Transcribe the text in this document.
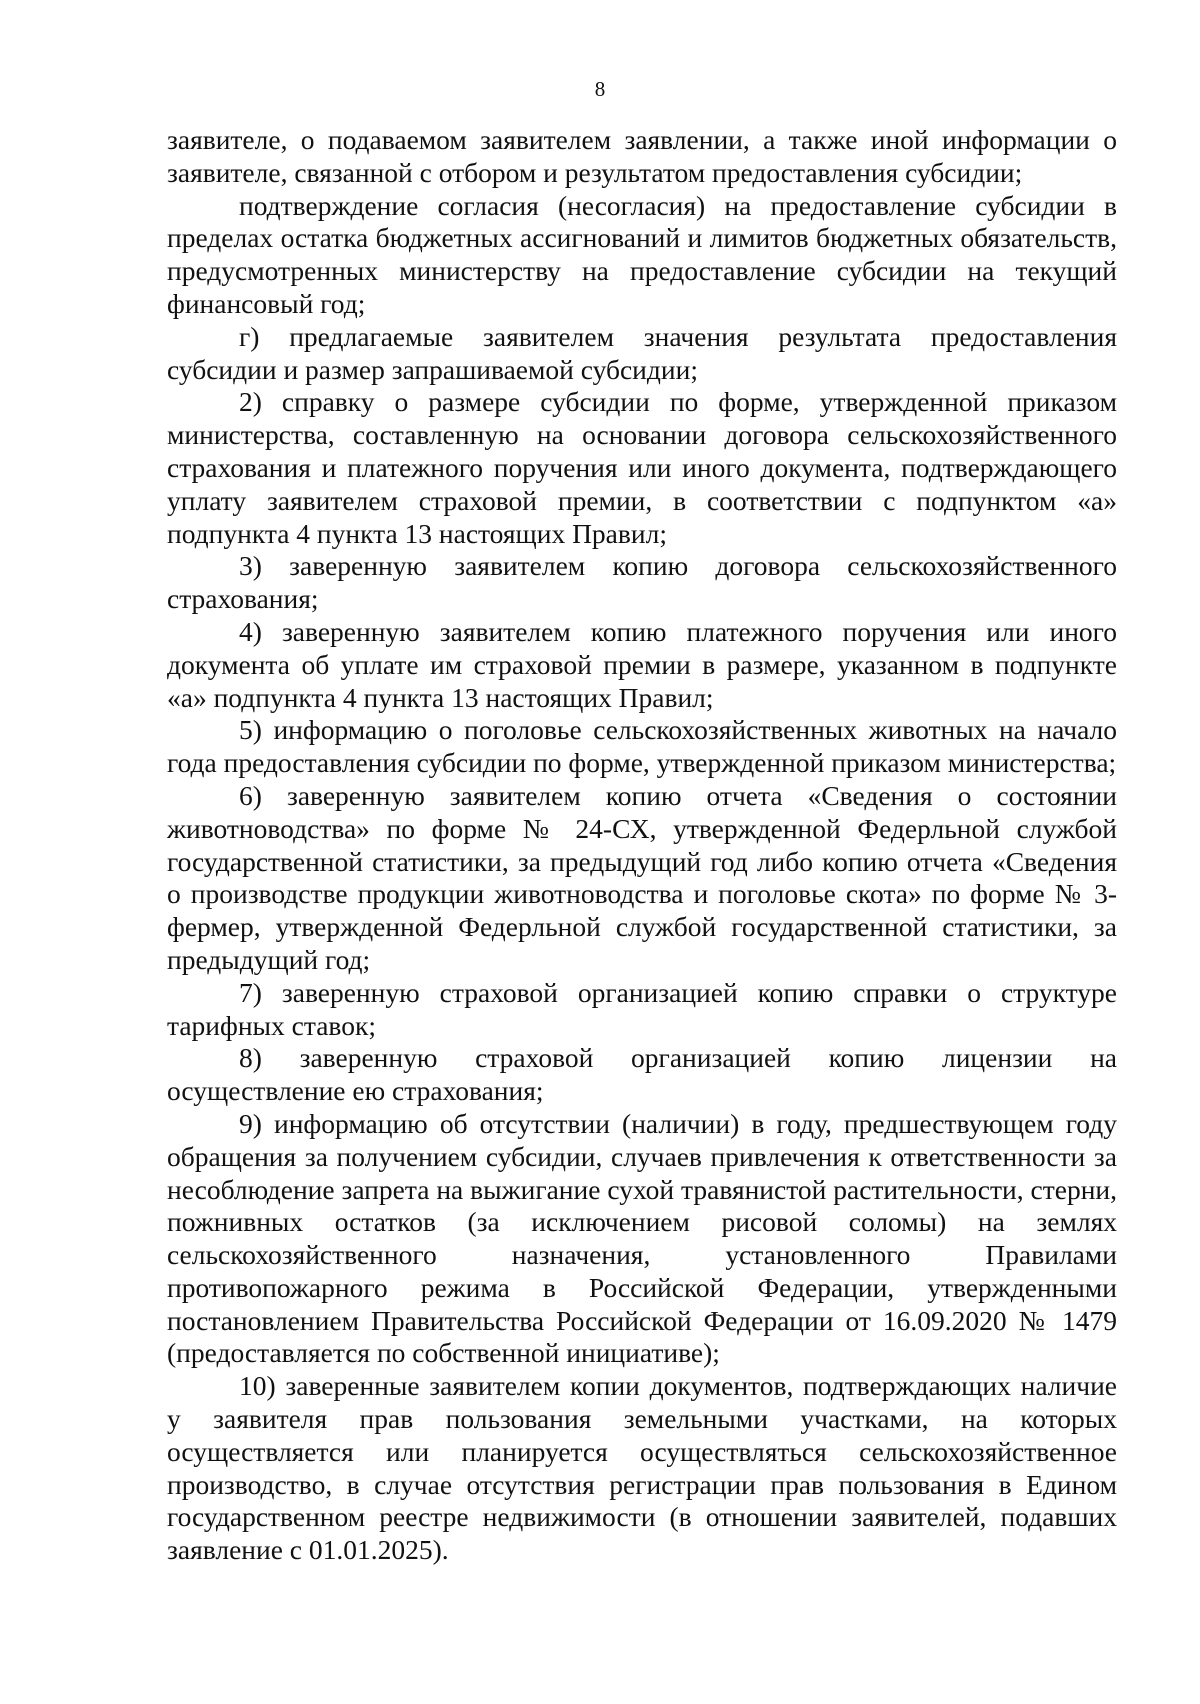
8

заявителе, о подаваемом заявителем заявлении, а также иной информации о заявителе, связанной с отбором и результатом предоставления субсидии;

подтверждение согласия (несогласия) на предоставление субсидии в пределах остатка бюджетных ассигнований и лимитов бюджетных обязательств, предусмотренных министерству на предоставление субсидии на текущий финансовый год;

г) предлагаемые заявителем значения результата предоставления субсидии и размер запрашиваемой субсидии;

2) справку о размере субсидии по форме, утвержденной приказом министерства, составленную на основании договора сельскохозяйственного страхования и платежного поручения или иного документа, подтверждающего уплату заявителем страховой премии, в соответствии с подпунктом «а» подпункта 4 пункта 13 настоящих Правил;

3) заверенную заявителем копию договора сельскохозяйственного страхования;

4) заверенную заявителем копию платежного поручения или иного документа об уплате им страховой премии в размере, указанном в подпункте «а» подпункта 4 пункта 13 настоящих Правил;

5) информацию о поголовье сельскохозяйственных животных на начало года предоставления субсидии по форме, утвержденной приказом министерства;

6) заверенную заявителем копию отчета «Сведения о состоянии животноводства» по форме № 24-СХ, утвержденной Федерльной службой государственной статистики, за предыдущий год либо копию отчета «Сведения о производстве продукции животноводства и поголовье скота» по форме № 3-фермер, утвержденной Федерльной службой государственной статистики, за предыдущий год;

7) заверенную страховой организацией копию справки о структуре тарифных ставок;

8) заверенную страховой организацией копию лицензии на осуществление ею страхования;

9) информацию об отсутствии (наличии) в году, предшествующем году обращения за получением субсидии, случаев привлечения к ответственности за несоблюдение запрета на выжигание сухой травянистой растительности, стерни, пожнивных остатков (за исключением рисовой соломы) на землях сельскохозяйственного назначения, установленного Правилами противопожарного режима в Российской Федерации, утвержденными постановлением Правительства Российской Федерации от 16.09.2020 № 1479 (предоставляется по собственной инициативе);

10) заверенные заявителем копии документов, подтверждающих наличие у заявителя прав пользования земельными участками, на которых осуществляется или планируется осуществляться сельскохозяйственное производство, в случае отсутствия регистрации прав пользования в Едином государственном реестре недвижимости (в отношении заявителей, подавших заявление с 01.01.2025).
